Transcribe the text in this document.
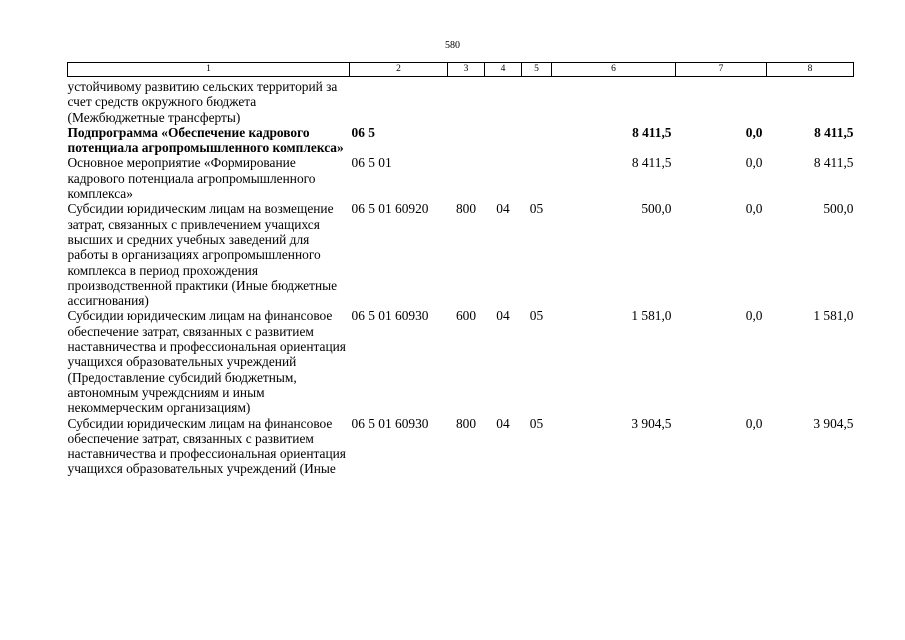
580
1	2	3	4	5	6	7	8
устойчивому развитию сельских территорий за счет средств окружного бюджета (Межбюджетные трансферты)							
Подпрограмма «Обеспечение кадрового потенциала агропромышленного комплекса»	06 5				8 411,5	0,0	8 411,5
Основное мероприятие «Формирование кадрового потенциала агропромышленного комплекса»	06 5 01				8 411,5	0,0	8 411,5
Субсидии юридическим лицам на возмещение затрат, связанных с привлечением учащихся высших и средних учебных заведений для работы в организациях агропромышленного комплекса в период прохождения производственной практики (Иные бюджетные ассигнования)	06 5 01 60920	800	04	05	500,0	0,0	500,0
Субсидии юридическим лицам на финансовое обеспечение затрат, связанных с развитием наставничества и профессиональная ориентация учащихся образовательных учреждений (Предоставление субсидий бюджетным, автономным учреждсниям и иным некоммерческим организациям)	06 5 01 60930	600	04	05	1 581,0	0,0	1 581,0
Субсидии юридическим лицам на финансовое обеспечение затрат, связанных с развитием наставничества и профессиональная ориентация учащихся образовательных учреждений (Иные	06 5 01 60930	800	04	05	3 904,5	0,0	3 904,5
